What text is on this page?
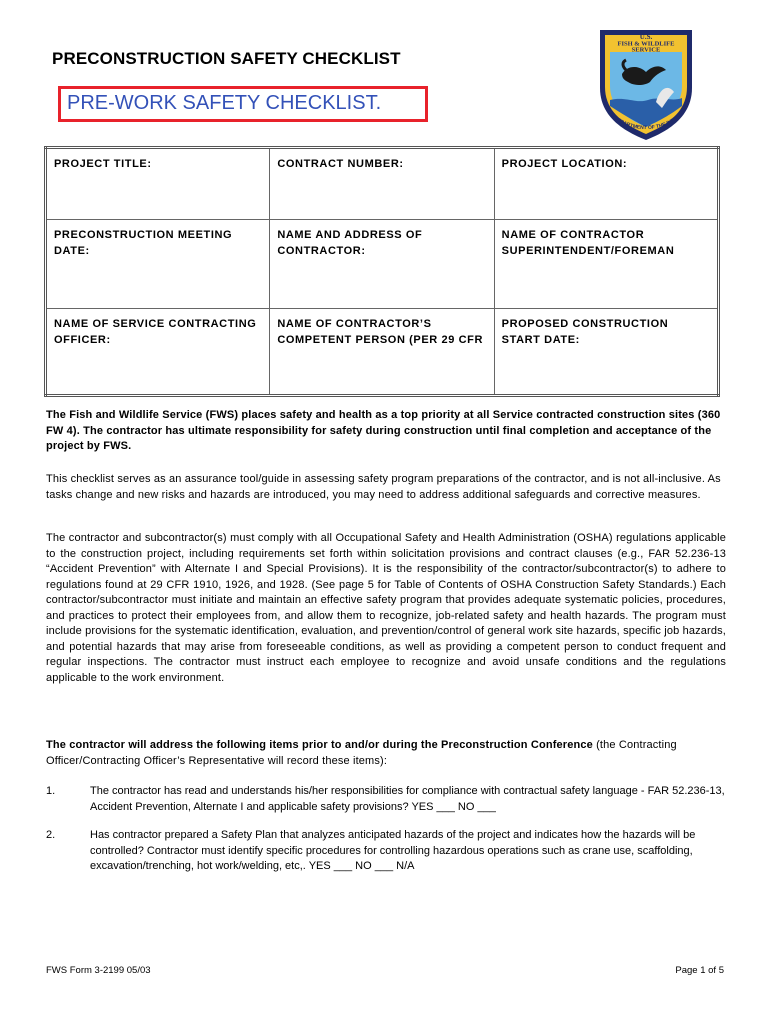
PRECONSTRUCTION SAFETY CHECKLIST
U.S.
FISH & WILDLIFE
SERVICE
DEPARTMENT OF THE INTERI
PRE-WORK SAFETY CHECKLIST.
PROJECT TITLE:	CONTRACT NUMBER:	PROJECT LOCATION:
PRECONSTRUCTION MEETING DATE:	NAME AND ADDRESS OF CONTRACTOR:	NAME OF CONTRACTOR SUPERINTENDENT/FOREMAN
NAME OF SERVICE CONTRACTING OFFICER:	NAME OF CONTRACTOR’S COMPETENT PERSON (PER 29 CFR	PROPOSED CONSTRUCTION START DATE:

The Fish and Wildlife Service (FWS) places safety and health as a top priority at all Service contracted construction sites (360 FW 4). The contractor has ultimate responsibility for safety during construction until final completion and acceptance of the project by FWS.

This checklist serves as an assurance tool/guide in assessing safety program preparations of the contractor, and is not all-inclusive. As tasks change and new risks and hazards are introduced, you may need to address additional safeguards and corrective measures.

The contractor and subcontractor(s) must comply with all Occupational Safety and Health Administration (OSHA) regulations applicable to the construction project, including requirements set forth within solicitation provisions and contract clauses (e.g., FAR 52.236-13 “Accident Prevention” with Alternate I and Special Provisions). It is the responsibility of the contractor/subcontractor(s) to adhere to regulations found at 29 CFR 1910, 1926, and 1928. (See page 5 for Table of Contents of OSHA Construction Safety Standards.) Each contractor/subcontractor must initiate and maintain an effective safety program that provides adequate systematic policies, procedures, and practices to protect their employees from, and allow them to recognize, job-related safety and health hazards. The program must include provisions for the systematic identification, evaluation, and prevention/control of general work site hazards, specific job hazards, and potential hazards that may arise from foreseeable conditions, as well as providing a competent person to conduct frequent and regular inspections. The contractor must instruct each employee to recognize and avoid unsafe conditions and the regulations applicable to the work environment.

The contractor will address the following items prior to and/or during the Preconstruction Conference (the Contracting Officer/Contracting Officer’s Representative will record these items):

1.	The contractor has read and understands his/her responsibilities for compliance with contractual safety language - FAR 52.236-13, Accident Prevention, Alternate I and applicable safety provisions? YES ___ NO ___
2.	Has contractor prepared a Safety Plan that analyzes anticipated hazards of the project and indicates how the hazards will be controlled? Contractor must identify specific procedures for controlling hazardous operations such as crane use, scaffolding, excavation/trenching, hot work/welding, etc,. YES ___ NO ___ N/A
FWS Form 3-2199 05/03	Page 1 of 5
